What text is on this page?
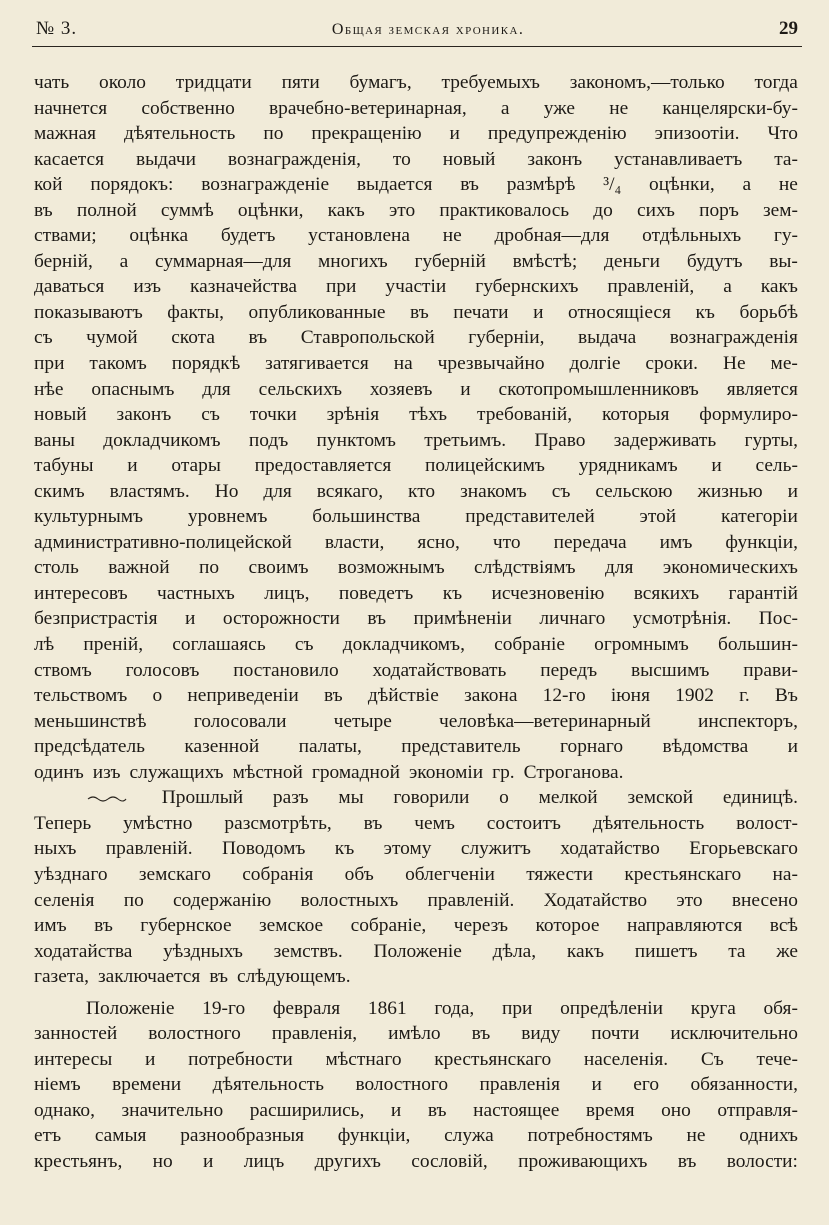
№ 3.	Общая земская хроника.	29
чать около тридцати пяти бумагъ, требуемыхъ закономъ,—только тогда
начнется собственно врачебно-ветеринарная, а уже не канцелярски-бу-
мажная дѣятельность по прекращенію и предупрежденію эпизоотіи. Что
касается выдачи вознагражденія, то новый законъ устанавливаетъ та-
кой порядокъ: вознагражденіе выдается въ размѣрѣ ³/₄ оцѣнки, а не
въ полной суммѣ оцѣнки, какъ это практиковалось до сихъ поръ зем-
ствами; оцѣнка будетъ установлена не дробная—для отдѣльныхъ гу-
берній, а суммарная—для многихъ губерній вмѣстѣ; деньги будутъ вы-
даваться изъ казначейства при участіи губернскихъ правленій, а какъ
показываютъ факты, опубликованные въ печати и относящіеся къ борьбѣ
съ чумой скота въ Ставропольской губерніи, выдача вознагражденія
при такомъ порядкѣ затягивается на чрезвычайно долгіе сроки. Не ме-
нѣе опаснымъ для сельскихъ хозяевъ и скотопромышленниковъ является
новый законъ съ точки зрѣнія тѣхъ требованій, которыя формулиро-
ваны докладчикомъ подъ пунктомъ третьимъ. Право задерживать гурты,
табуны и отары предоставляется полицейскимъ урядникамъ и сель-
скимъ властямъ. Но для всякаго, кто знакомъ съ сельскою жизнью и
культурнымъ уровнемъ большинства представителей этой категоріи
административно-полицейской власти, ясно, что передача имъ функціи,
столь важной по своимъ возможнымъ слѣдствіямъ для экономическихъ
интересовъ частныхъ лицъ, поведетъ къ исчезновенію всякихъ гарантій
безпристрастія и осторожности въ примѣненіи личнаго усмотрѣнія. Пос-
лѣ преній, соглашаясь съ докладчикомъ, собраніе огромнымъ большин-
ствомъ голосовъ постановило ходатайствовать передъ высшимъ прави-
тельствомъ о неприведеніи въ дѣйствіе закона 12-го іюня 1902 г. Въ
меньшинствѣ голосовали четыре человѣка—ветеринарный инспекторъ,
предсѣдатель казенной палаты, представитель горнаго вѣдомства и
одинъ изъ служащихъ мѣстной громадной экономіи гр. Строганова.
Прошлый разъ мы говорили о мелкой земской единицѣ.
Теперь умѣстно разсмотрѣть, въ чемъ состоитъ дѣятельность волост-
ныхъ правленій. Поводомъ къ этому служитъ ходатайство Егорьевскаго
уѣзднаго земскаго собранія объ облегченіи тяжести крестьянскаго на-
селенія по содержанію волостныхъ правленій. Ходатайство это внесено
имъ въ губернское земское собраніе, черезъ которое направляются всѣ
ходатайства уѣздныхъ земствъ. Положеніе дѣла, какъ пишетъ та же
газета, заключается въ слѣдующемъ.
Положеніе 19-го февраля 1861 года, при опредѣленіи круга обя-
занностей волостного правленія, имѣло въ виду почти исключительно
интересы и потребности мѣстнаго крестьянскаго населенія. Съ тече-
ніемъ времени дѣятельность волостного правленія и его обязанности,
однако, значительно расширились, и въ настоящее время оно отправля-
етъ самыя разнообразныя функціи, служа потребностямъ не однихъ
крестьянъ, но и лицъ другихъ сословій, проживающихъ въ волости:
